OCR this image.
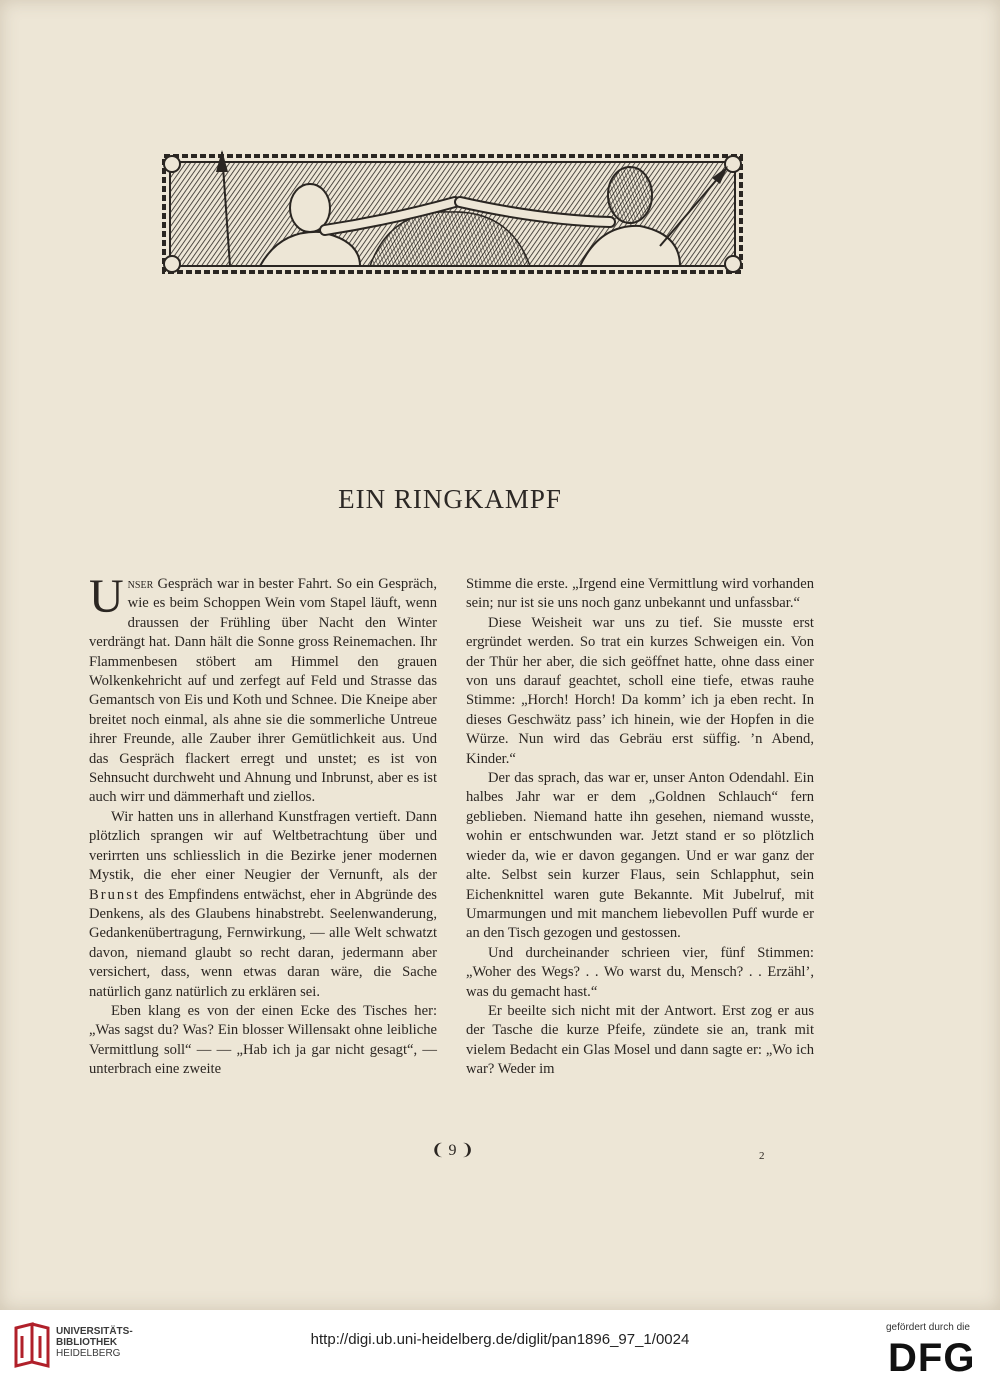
EIN RINGKAMPF

Unser Gespräch war in bester Fahrt. So ein Gespräch, wie es beim Schoppen Wein vom Stapel läuft, wenn draussen der Frühling über Nacht den Winter verdrängt hat. Dann hält die Sonne gross Reinemachen. Ihr Flammenbesen stöbert am Himmel den grauen Wolkenkehricht auf und zerfegt auf Feld und Strasse das Gemantsch von Eis und Koth und Schnee. Die Kneipe aber breitet noch einmal, als ahne sie die sommerliche Untreue ihrer Freunde, alle Zauber ihrer Gemütlichkeit aus. Und das Gespräch flackert erregt und unstet; es ist von Sehnsucht durchweht und Ahnung und Inbrunst, aber es ist auch wirr und dämmerhaft und ziellos.

Wir hatten uns in allerhand Kunstfragen vertieft. Dann plötzlich sprangen wir auf Weltbetrachtung über und verirrten uns schliesslich in die Bezirke jener modernen Mystik, die eher einer Neugier der Vernunft, als der Brunst des Empfindens entwächst, eher in Abgründe des Denkens, als des Glaubens hinabstrebt. Seelenwanderung, Gedankenübertragung, Fernwirkung, — alle Welt schwatzt davon, niemand glaubt so recht daran, jedermann aber versichert, dass, wenn etwas daran wäre, die Sache natürlich ganz natürlich zu erklären sei.

Eben klang es von der einen Ecke des Tisches her: „Was sagst du? Was? Ein blosser Willensakt ohne leibliche Vermittlung soll“ — — „Hab ich ja gar nicht gesagt“, — unterbrach eine zweite

Stimme die erste. „Irgend eine Vermittlung wird vorhanden sein; nur ist sie uns noch ganz unbekannt und unfassbar.“

Diese Weisheit war uns zu tief. Sie musste erst ergründet werden. So trat ein kurzes Schweigen ein. Von der Thür her aber, die sich geöffnet hatte, ohne dass einer von uns darauf geachtet, scholl eine tiefe, etwas rauhe Stimme: „Horch! Horch! Da komm’ ich ja eben recht. In dieses Geschwätz pass’ ich hinein, wie der Hopfen in die Würze. Nun wird das Gebräu erst süffig. ’n Abend, Kinder.“

Der das sprach, das war er, unser Anton Odendahl. Ein halbes Jahr war er dem „Goldnen Schlauch“ fern geblieben. Niemand hatte ihn gesehen, niemand wusste, wohin er entschwunden war. Jetzt stand er so plötzlich wieder da, wie er davon gegangen. Und er war ganz der alte. Selbst sein kurzer Flaus, sein Schlapphut, sein Eichenknittel waren gute Bekannte. Mit Jubelruf, mit Umarmungen und mit manchem liebevollen Puff wurde er an den Tisch gezogen und gestossen.

Und durcheinander schrieen vier, fünf Stimmen: „Woher des Wegs? . . Wo warst du, Mensch? . . Erzähl’, was du gemacht hast.“

Er beeilte sich nicht mit der Antwort. Erst zog er aus der Tasche die kurze Pfeife, zündete sie an, trank mit vielem Bedacht ein Glas Mosel und dann sagte er: „Wo ich war? Weder im

❨ 9 ❩	2
UNIVERSITÄTS-
BIBLIOTHEK
HEIDELBERG
http://digi.ub.uni-heidelberg.de/diglit/pan1896_97_1/0024
gefördert durch die
DFG
